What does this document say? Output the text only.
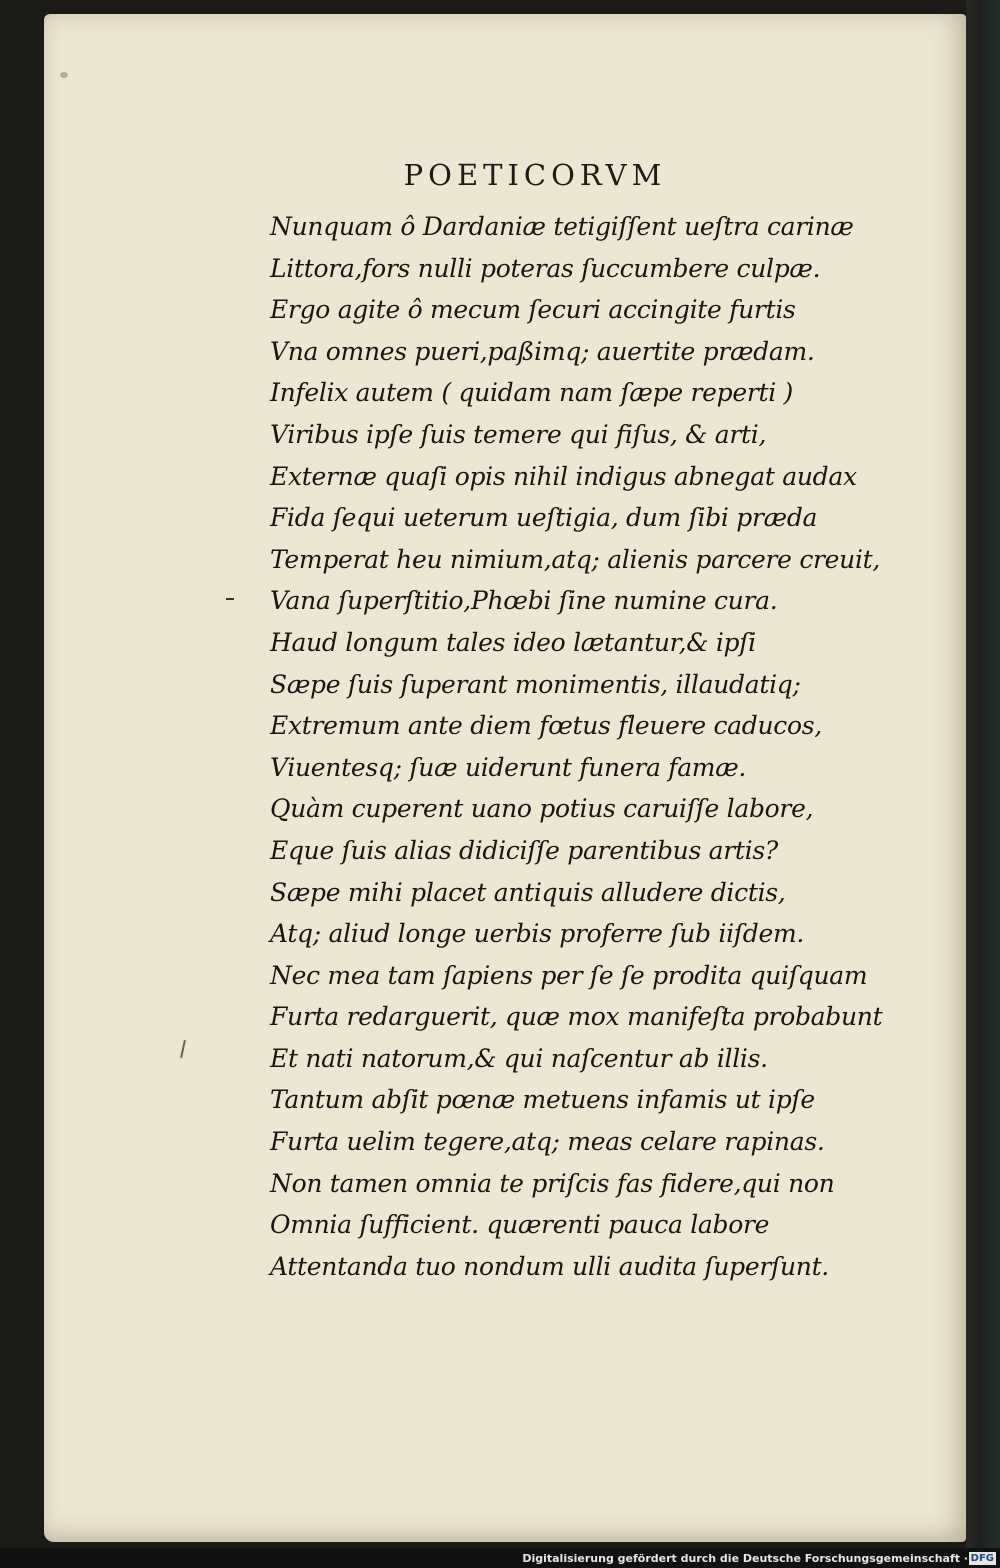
POETICORVM
Nunquam ô Dardaniæ tetigiſſent ueſtra carinæ
Littora,fors nulli poteras ſuccumbere culpæ.
Ergo agite ô mecum ſecuri accingite furtis
Vna omnes pueri,paßimq; auertite prædam.
Infelix autem ( quidam nam ſæpe reperti )
Viribus ipſe ſuis temere qui fiſus, & arti,
Externæ quaſi opis nihil indigus abnegat audax
Fida ſequi ueterum ueſtigia, dum ſibi præda
Temperat heu nimium,atq; alienis parcere creuit,
Vana ſuperſtitio,Phœbi ſine numine cura.
Haud longum tales ideo lætantur,& ipſi
Sæpe ſuis ſuperant monimentis, illaudatiq;
Extremum ante diem fœtus fleuere caducos,
Viuentesq; ſuæ uiderunt funera famæ.
Quàm cuperent uano potius caruiſſe labore,
Eque ſuis alias didiciſſe parentibus artis?
Sæpe mihi placet antiquis alludere dictis,
Atq; aliud longe uerbis proferre ſub iiſdem.
Nec mea tam ſapiens per ſe ſe prodita quiſquam
Furta redarguerit, quæ mox manifeſta probabunt
Et nati natorum,& qui naſcentur ab illis.
Tantum abſit pœnæ metuens infamis ut ipſe
Furta uelim tegere,atq; meas celare rapinas.
Non tamen omnia te priſcis fas fidere,qui non
Omnia ſufficient. quærenti pauca labore
Attentanda tuo nondum ulli audita ſuperſunt.
Digitalisierung gefördert durch die Deutsche Forschungsgemeinschaft · DFG
